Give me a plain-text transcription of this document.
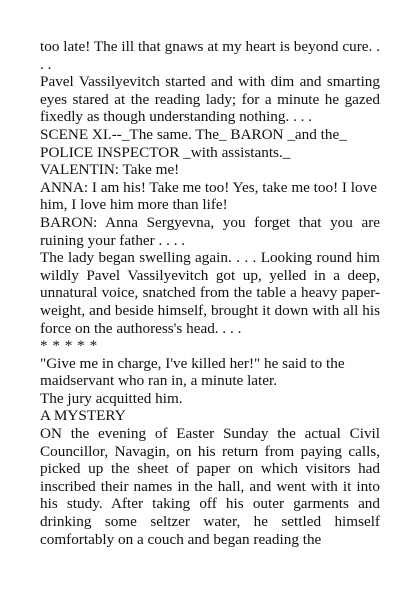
too late! The ill that gnaws at my heart is beyond cure. . . .

Pavel Vassilyevitch started and with dim and smarting eyes stared at the reading lady; for a minute he gazed fixedly as though understanding nothing. . . .

SCENE XI.--_The same. The_ BARON _and the_ POLICE INSPECTOR _with assistants._

VALENTIN: Take me!

ANNA: I am his! Take me too! Yes, take me too! I love him, I love him more than life!

BARON: Anna Sergyevna, you forget that you are ruining your father . . . .

The lady began swelling again. . . . Looking round him wildly Pavel Vassilyevitch got up, yelled in a deep, unnatural voice, snatched from the table a heavy paper-weight, and beside himself, brought it down with all his force on the authoress's head. . . .

* * * * *

"Give me in charge, I've killed her!" he said to the maidservant who ran in, a minute later.

The jury acquitted him.

A MYSTERY

ON the evening of Easter Sunday the actual Civil Councillor, Navagin, on his return from paying calls, picked up the sheet of paper on which visitors had inscribed their names in the hall, and went with it into his study. After taking off his outer garments and drinking some seltzer water, he settled himself comfortably on a couch and began reading the
